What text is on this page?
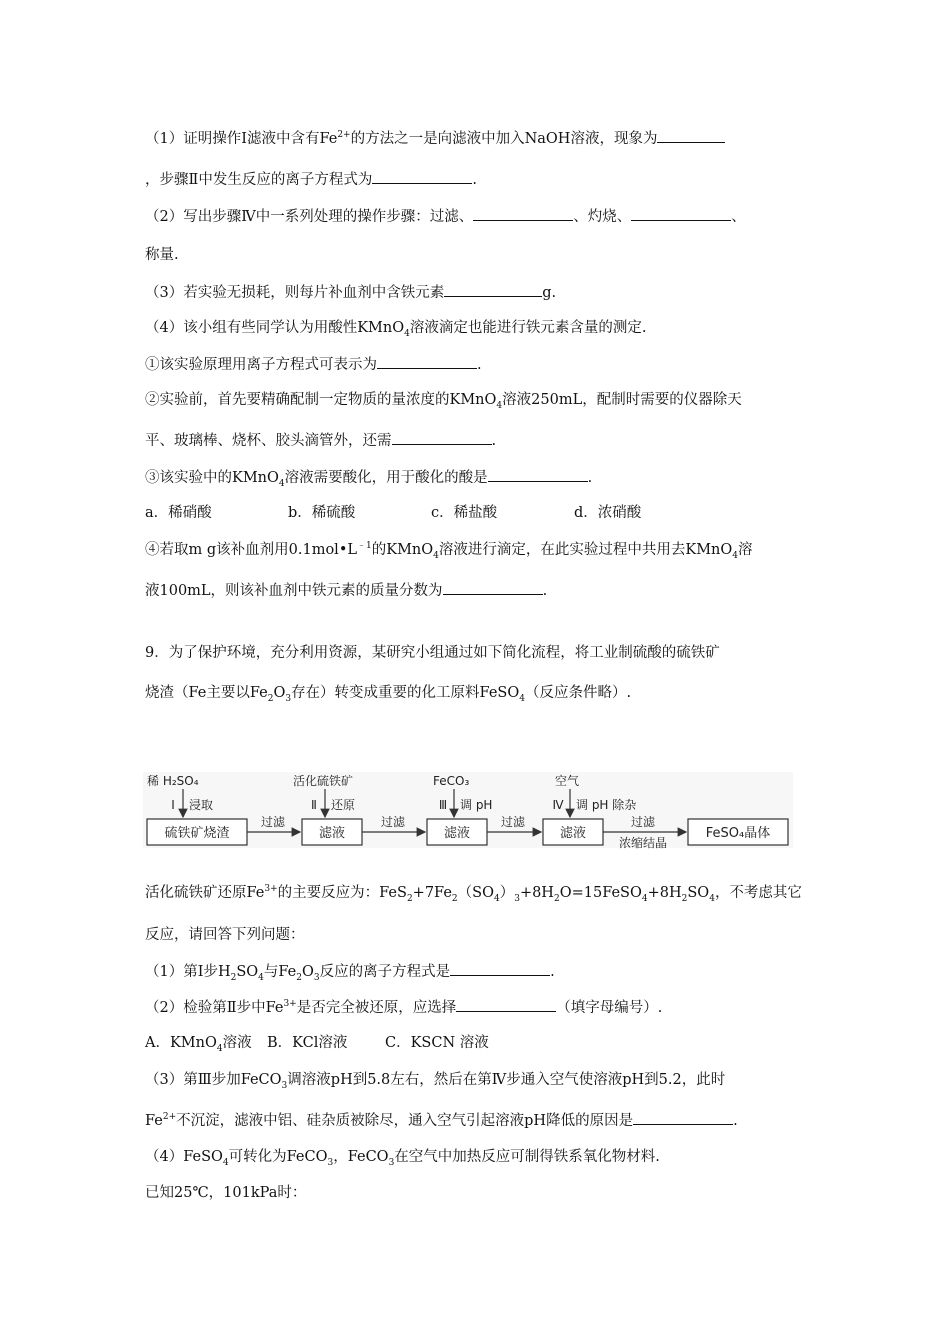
（1）证明操作Ⅰ滤液中含有$Fe^{2+}$的方法之一是向滤液中加入NaOH溶液，现象为
，步骤Ⅱ中发生反应的离子方程式为	.
（2）写出步骤Ⅳ中一系列处理的操作步骤：过滤、	、灼烧、	、
称量.
（3）若实验无损耗，则每片补血剂中含铁元素	g.
（4）该小组有些同学认为用酸性KMnO$_4$溶液滴定也能进行铁元素含量的测定.
①该实验原理用离子方程式可表示为	.
②实验前，首先要精确配制一定物质的量浓度的KMnO$_4$溶液250mL，配制时需要的仪器除天
平、玻璃棒、烧杯、胶头滴管外，还需	.
③该实验中的KMnO$_4$溶液需要酸化，用于酸化的酸是	.
a．稀硝酸	b．稀硫酸	c．稀盐酸	d．浓硝酸
④若取m g该补血剂用$0.1mol•L^{﹣1}$的KMnO$_4$溶液进行滴定，在此实验过程中共用去KMnO$_4$溶
液100mL，则该补血剂中铁元素的质量分数为	.
9．为了保护环境，充分利用资源，某研究小组通过如下简化流程，将工业制硫酸的硫铁矿
烧渣（Fe主要以$Fe_2O_3$存在）转变成重要的化工原料FeSO$_4$（反应条件略）.
硫铁矿烧渣	滤液	滤液	滤液	FeSO₄晶体
过滤	过滤	过滤	过滤
浓缩结晶
稀 H₂SO₄
Ⅰ 浸取
活化硫铁矿
Ⅱ 还原
FeCO₃
Ⅲ 调 pH
空气
Ⅳ 调 pH 除杂
活化硫铁矿还原$Fe^{3+}$的主要反应为：$FeS_2+7Fe_2(SO_4)_3+8H_2O=15FeSO_4+8H_2SO_4$，不考虑其它
反应，请回答下列问题：
（1）第Ⅰ步$H_2SO_4$与$Fe_2O_3$反应的离子方程式是	.
（2）检验第Ⅱ步中$Fe^{3+}$是否完全被还原，应选择	（填字母编号）.
A．KMnO$_4$溶液 B．KCl溶液	C．KSCN 溶液
（3）第Ⅲ步加FeCO$_3$调溶液pH到5.8左右，然后在第Ⅳ步通入空气使溶液pH到5.2，此时
$Fe^{2+}$不沉淀，滤液中铝、硅杂质被除尽，通入空气引起溶液pH降低的原因是	.
（4）FeSO$_4$可转化为FeCO$_3$，FeCO$_3$在空气中加热反应可制得铁系氧化物材料.
已知25℃，101kPa时：
